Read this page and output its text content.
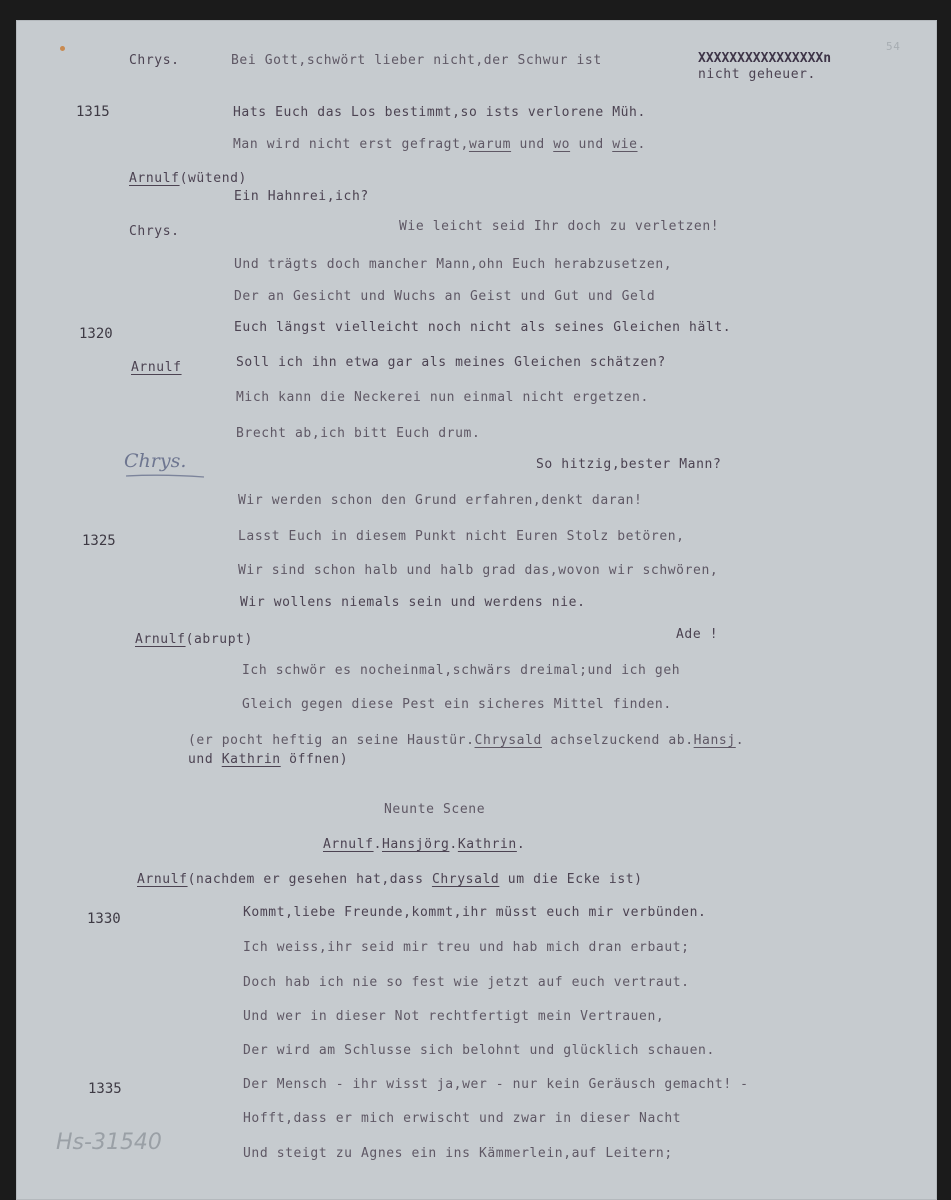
54
Chrys.	Bei Gott,schwört lieber nicht,der Schwur ist	XXXXXXXXXXXXXXXXn
nicht geheuer.
1315	Hats Euch das Los bestimmt,so ists verlorene Müh.
Man wird nicht erst gefragt,warum und wo und wie.
Arnulf(wütend)
Ein Hahnrei,ich?
Chrys.	Wie leicht seid Ihr doch zu verletzen!
Und trägts doch mancher Mann,ohn Euch herabzusetzen,
Der an Gesicht und Wuchs an Geist und Gut und Geld
1320	Euch längst vielleicht noch nicht als seines Gleichen hält.
Arnulf	Soll ich ihn etwa gar als meines Gleichen schätzen?
Mich kann die Neckerei nun einmal nicht ergetzen.
Brecht ab,ich bitt Euch drum.
Chrys.	So hitzig,bester Mann?
Wir werden schon den Grund erfahren,denkt daran!
1325	Lasst Euch in diesem Punkt nicht Euren Stolz betören,
Wir sind schon halb und halb grad das,wovon wir schwören,
Wir wollens niemals sein und werdens nie.
Arnulf(abrupt)	Ade !
Ich schwör es nocheinmal,schwärs dreimal;und ich geh
Gleich gegen diese Pest ein sicheres Mittel finden.
(er pocht heftig an seine Haustür.Chrysald achselzuckend ab.Hansj.
und Kathrin öffnen)
Neunte Scene
Arnulf.Hansjörg.Kathrin.
Arnulf(nachdem er gesehen hat,dass Chrysald um die Ecke ist)
1330	Kommt,liebe Freunde,kommt,ihr müsst euch mir verbünden.
Ich weiss,ihr seid mir treu und hab mich dran erbaut;
Doch hab ich nie so fest wie jetzt auf euch vertraut.
Und wer in dieser Not rechtfertigt mein Vertrauen,
Der wird am Schlusse sich belohnt und glücklich schauen.
1335	Der Mensch - ihr wisst ja,wer - nur kein Geräusch gemacht! -
Hofft,dass er mich erwischt und zwar in dieser Nacht
Und steigt zu Agnes ein ins Kämmerlein,auf Leitern;
Hs-31540
